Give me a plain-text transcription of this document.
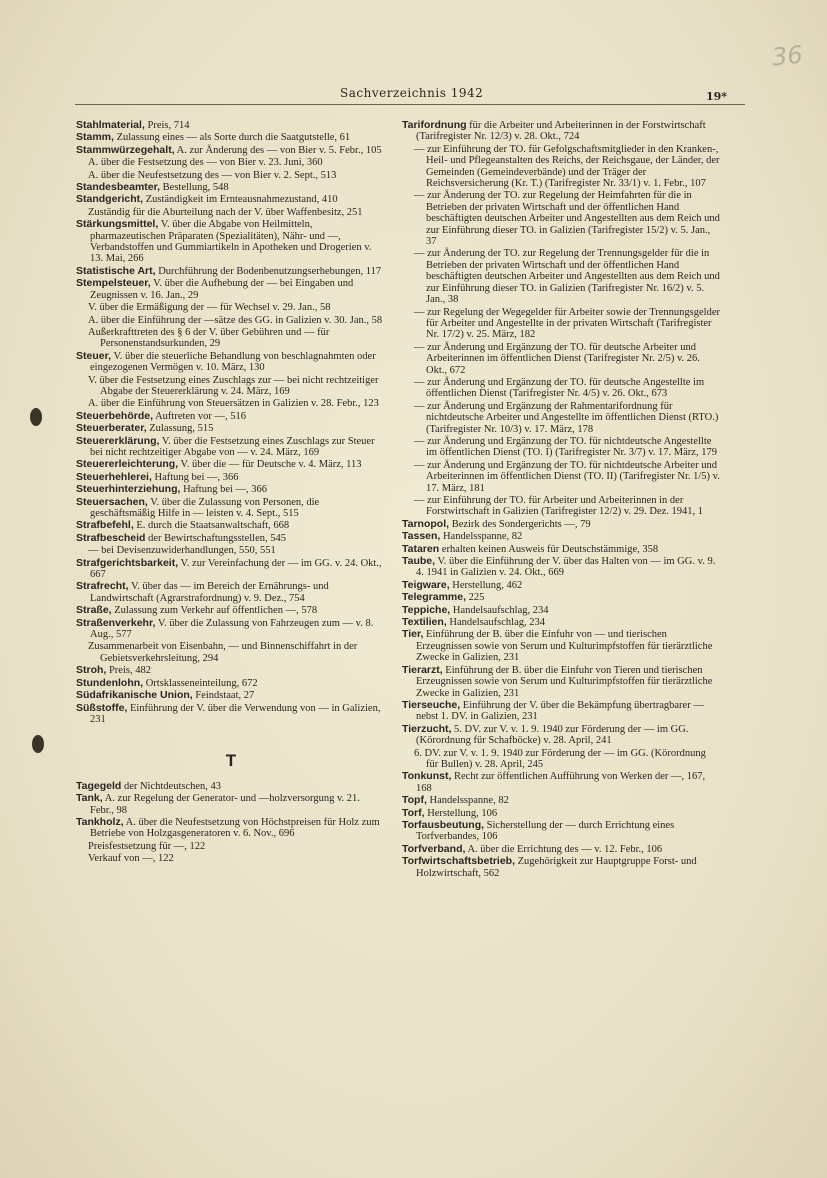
36
Sachverzeichnis 1942	19*
Stahlmaterial, Preis, 714
Stamm, Zulassung eines — als Sorte durch die Saatgutstelle, 61
Stammwürzegehalt, A. zur Änderung des — von Bier v. 5. Febr., 105
A. über die Festsetzung des — von Bier v. 23. Juni, 360
A. über die Neufestsetzung des — von Bier v. 2. Sept., 513
Standesbeamter, Bestellung, 548
Standgericht, Zuständigkeit im Ernteausnahmezustand, 410
Zuständig für die Aburteilung nach der V. über Waffenbesitz, 251
Stärkungsmittel, V. über die Abgabe von Heilmitteln, pharmazeutischen Präparaten (Spezialitäten), Nähr- und —, Verbandstoffen und Gummiartikeln in Apotheken und Drogerien v. 13. Mai, 266
Statistische Art, Durchführung der Bodenbenutzungserhebungen, 117
Stempelsteuer, V. über die Aufhebung der — bei Eingaben und Zeugnissen v. 16. Jan., 29
V. über die Ermäßigung der — für Wechsel v. 29. Jan., 58
A. über die Einführung der —sätze des GG. in Galizien v. 30. Jan., 58
Außerkrafttreten des § 6 der V. über Gebühren und — für Personenstandsurkunden, 29
Steuer, V. über die steuerliche Behandlung von beschlagnahmten oder eingezogenen Vermögen v. 10. März, 130
V. über die Festsetzung eines Zuschlags zur — bei nicht rechtzeitiger Abgabe der Steuererklärung v. 24. März, 169
A. über die Einführung von Steuersätzen in Galizien v. 28. Febr., 123
Steuerbehörde, Auftreten vor —, 516
Steuerberater, Zulassung, 515
Steuererklärung, V. über die Festsetzung eines Zuschlags zur Steuer bei nicht rechtzeitiger Abgabe von — v. 24. März, 169
Steuererleichterung, V. über die — für Deutsche v. 4. März, 113
Steuerhehlerei, Haftung bei —, 366
Steuerhinterziehung, Haftung bei —, 366
Steuersachen, V. über die Zulassung von Personen, die geschäftsmäßig Hilfe in — leisten v. 4. Sept., 515
Strafbefehl, E. durch die Staatsanwaltschaft, 668
Strafbescheid der Bewirtschaftungsstellen, 545
— bei Devisenzuwiderhandlungen, 550, 551
Strafgerichtsbarkeit, V. zur Vereinfachung der — im GG. v. 24. Okt., 667
Strafrecht, V. über das — im Bereich der Ernährungs- und Landwirtschaft (Agrarstrafordnung) v. 9. Dez., 754
Straße, Zulassung zum Verkehr auf öffentlichen —, 578
Straßenverkehr, V. über die Zulassung von Fahrzeugen zum — v. 8. Aug., 577
Zusammenarbeit von Eisenbahn, — und Binnenschiffahrt in der Gebietsverkehrsleitung, 294
Stroh, Preis, 482
Stundenlohn, Ortsklasseneinteilung, 672
Südafrikanische Union, Feindstaat, 27
Süßstoffe, Einführung der V. über die Verwendung von — in Galizien, 231
T
Tagegeld der Nichtdeutschen, 43
Tank, A. zur Regelung der Generator- und —holzversorgung v. 21. Febr., 98
Tankholz, A. über die Neufestsetzung von Höchstpreisen für Holz zum Betriebe von Holzgasgeneratoren v. 6. Nov., 696
Preisfestsetzung für —, 122
Verkauf von —, 122
Tarifordnung für die Arbeiter und Arbeiterinnen in der Forstwirtschaft (Tarifregister Nr. 12/3) v. 28. Okt., 724
— zur Einführung der TO. für Gefolgschaftsmitglieder in den Kranken-, Heil- und Pflegeanstalten des Reichs, der Reichsgaue, der Länder, der Gemeinden (Gemeindeverbände) und der Träger der Reichsversicherung (Kr. T.) (Tarifregister Nr. 33/1) v. 1. Febr., 107
— zur Änderung der TO. zur Regelung der Heimfahrten für die in Betrieben der privaten Wirtschaft und der öffentlichen Hand beschäftigten deutschen Arbeiter und Angestellten aus dem Reich und zur Einführung dieser TO. in Galizien (Tarifregister 15/2) v. 5. Jan., 37
— zur Änderung der TO. zur Regelung der Trennungsgelder für die in Betrieben der privaten Wirtschaft und der öffentlichen Hand beschäftigten deutschen Arbeiter und Angestellten aus dem Reich und zur Einführung dieser TO. in Galizien (Tarifregister Nr. 16/2) v. 5. Jan., 38
— zur Regelung der Wegegelder für Arbeiter sowie der Trennungsgelder für Arbeiter und Angestellte in der privaten Wirtschaft (Tarifregister Nr. 17/2) v. 25. März, 182
— zur Änderung und Ergänzung der TO. für deutsche Arbeiter und Arbeiterinnen im öffentlichen Dienst (Tarifregister Nr. 2/5) v. 26. Okt., 672
— zur Änderung und Ergänzung der TO. für deutsche Angestellte im öffentlichen Dienst (Tarifregister Nr. 4/5) v. 26. Okt., 673
— zur Änderung und Ergänzung der Rahmentarifordnung für nichtdeutsche Arbeiter und Angestellte im öffentlichen Dienst (RTO.) (Tarifregister Nr. 10/3) v. 17. März, 178
— zur Änderung und Ergänzung der TO. für nichtdeutsche Angestellte im öffentlichen Dienst (TO. I) (Tarifregister Nr. 3/7) v. 17. März, 179
— zur Änderung und Ergänzung der TO. für nichtdeutsche Arbeiter und Arbeiterinnen im öffentlichen Dienst (TO. II) (Tarifregister Nr. 1/5) v. 17. März, 181
— zur Einführung der TO. für Arbeiter und Arbeiterinnen in der Forstwirtschaft in Galizien (Tarifregister 12/2) v. 29. Dez. 1941, 1
Tarnopol, Bezirk des Sondergerichts —, 79
Tassen, Handelsspanne, 82
Tataren erhalten keinen Ausweis für Deutschstämmige, 358
Taube, V. über die Einführung der V. über das Halten von — im GG. v. 9. 4. 1941 in Galizien v. 24. Okt., 669
Teigware, Herstellung, 462
Telegramme, 225
Teppiche, Handelsaufschlag, 234
Textilien, Handelsaufschlag, 234
Tier, Einführung der B. über die Einfuhr von — und tierischen Erzeugnissen sowie von Serum und Kulturimpfstoffen für tierärztliche Zwecke in Galizien, 231
Tierarzt, Einführung der B. über die Einfuhr von Tieren und tierischen Erzeugnissen sowie von Serum und Kulturimpfstoffen für tierärztliche Zwecke in Galizien, 231
Tierseuche, Einführung der V. über die Bekämpfung übertragbarer — nebst 1. DV. in Galizien, 231
Tierzucht, 5. DV. zur V. v. 1. 9. 1940 zur Förderung der — im GG. (Körordnung für Schafböcke) v. 28. April, 241
6. DV. zur V. v. 1. 9. 1940 zur Förderung der — im GG. (Körordnung für Bullen) v. 28. April, 245
Tonkunst, Recht zur öffentlichen Aufführung von Werken der —, 167, 168
Topf, Handelsspanne, 82
Torf, Herstellung, 106
Torfausbeutung, Sicherstellung der — durch Errichtung eines Torfverbandes, 106
Torfverband, A. über die Errichtung des — v. 12. Febr., 106
Torfwirtschaftsbetrieb, Zugehörigkeit zur Hauptgruppe Forst- und Holzwirtschaft, 562
